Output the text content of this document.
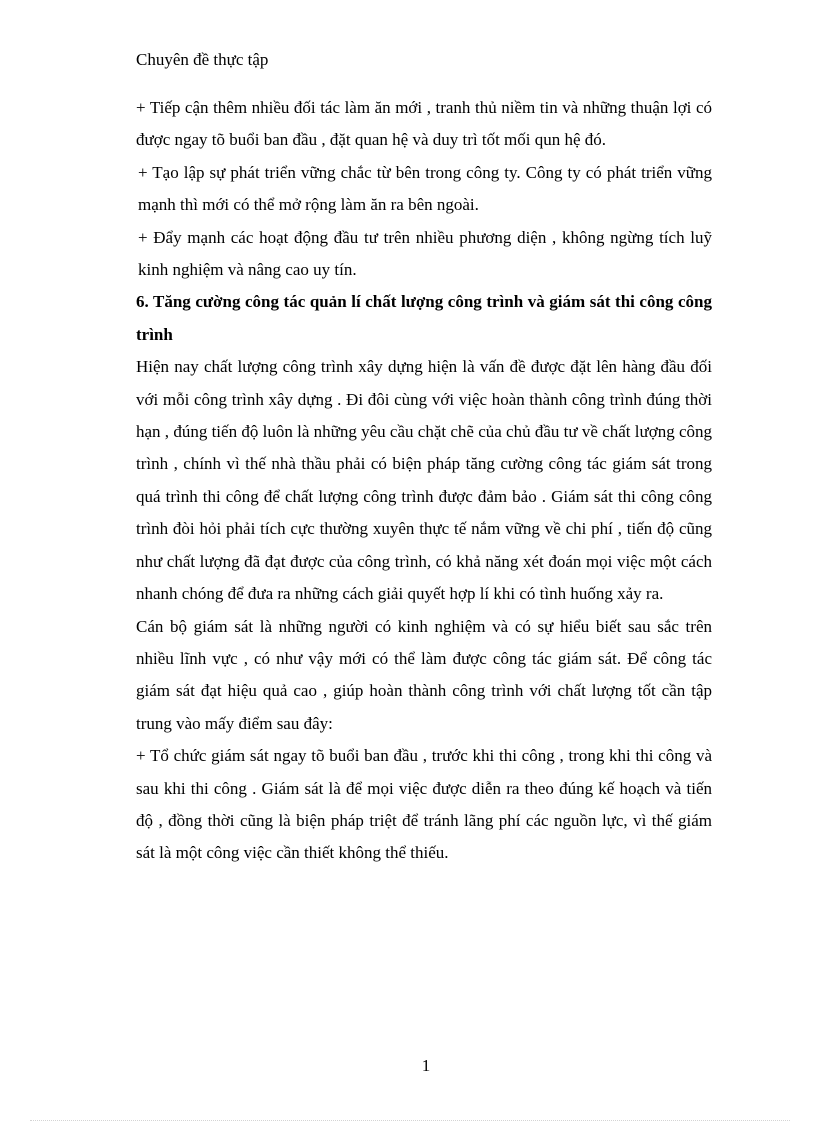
Chuyên đề thực tập

+ Tiếp cận thêm nhiều đối tác làm ăn mới , tranh thủ niềm tin và những thuận lợi có được ngay tõ buổi ban đầu , đặt quan hệ và duy trì tốt mối qun hệ đó.

+ Tạo lập sự phát triển vững chắc từ bên trong công ty. Công ty có phát triển vững mạnh thì mới có thể mở rộng làm ăn ra bên ngoài.

+ Đẩy mạnh các hoạt động đầu tư trên nhiều phương diện , không ngừng tích luỹ kinh nghiệm và nâng cao uy tín.

6. Tăng cường công tác quản lí chất lượng công trình và giám sát thi công công trình

Hiện nay chất lượng công trình xây dựng hiện là vấn đề được đặt lên hàng đầu đối với mỗi công trình xây dựng . Đi đôi cùng với việc hoàn thành công trình đúng thời hạn , đúng tiến độ luôn là những yêu cầu chặt chẽ của chủ đầu tư về chất lượng công trình , chính vì thế nhà thầu phải có biện pháp tăng cường công tác giám sát trong quá trình thi công để chất lượng công trình được đảm bảo . Giám sát thi công công trình đòi hỏi phải tích cực thường xuyên thực tế nắm vững về chi phí , tiến độ cũng như chất lượng đã đạt được của công trình, có khả năng xét đoán mọi việc một cách nhanh chóng để đưa ra những cách giải quyết hợp lí khi có tình huống xảy ra.

Cán bộ giám sát là những người có kinh nghiệm và có sự hiểu biết sau sắc trên nhiều lĩnh vực , có như vậy mới có thể làm được công tác giám sát. Để công tác giám sát đạt hiệu quả cao , giúp hoàn thành công trình với chất lượng tốt cần tập trung vào mấy điểm sau đây:

+ Tổ chức giám sát ngay tõ buổi ban đầu , trước khi thi công , trong khi thi công và sau khi thi công . Giám sát là để mọi việc được diễn ra theo đúng kế hoạch và tiến độ , đồng thời cũng là biện pháp triệt để tránh lãng phí các nguồn lực, vì thế giám sát là một công việc cần thiết không thể thiếu.

1
